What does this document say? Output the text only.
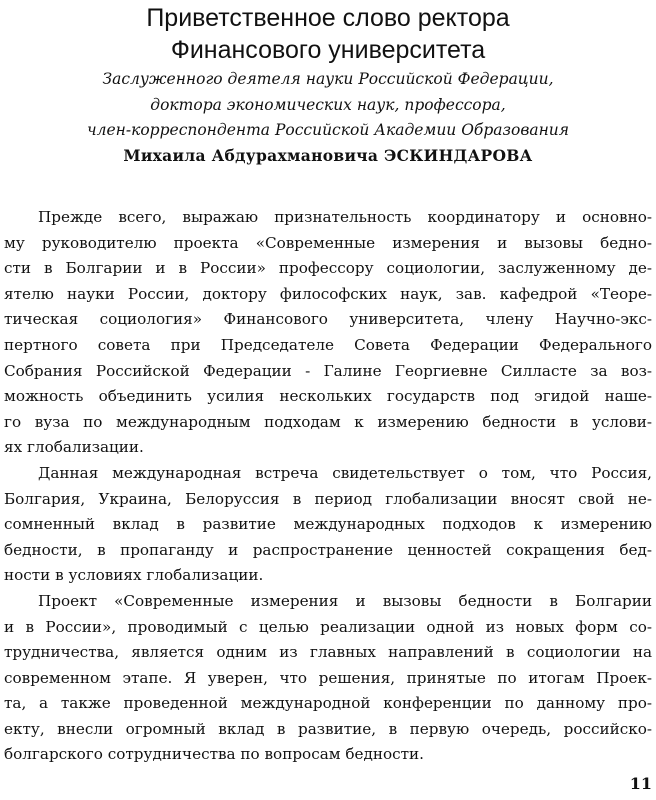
Приветственное слово ректора
Финансового университета
Заслуженного деятеля науки Российской Федерации,
доктора экономических наук, профессора,
член-корреспондента Российской Академии Образования
Михаила Абдурахмановича ЭСКИНДАРОВА
Прежде всего, выражаю признательность координатору и основно-
му руководителю проекта «Современные измерения и вызовы бедно-
сти в Болгарии и в России» профессору социологии, заслуженному де-
ятелю науки России, доктору философских наук, зав. кафедрой «Теоре-
тическая социология» Финансового университета, члену Научно-экс-
пертного совета при Председателе Совета Федерации Федерального
Собрания Российской Федерации - Галине Георгиевне Силласте за воз-
можность объединить усилия нескольких государств под эгидой наше-
го вуза по международным подходам к измерению бедности в услови-
ях глобализации.
Данная международная встреча свидетельствует о том, что Россия,
Болгария, Украина, Белоруссия в период глобализации вносят свой не-
сомненный вклад в развитие международных подходов к измерению
бедности, в пропаганду и распространение ценностей сокращения бед-
ности в условиях глобализации.
Проект «Современные измерения и вызовы бедности в Болгарии
и в России», проводимый с целью реализации одной из новых форм со-
трудничества, является одним из главных направлений в социологии на
современном этапе. Я уверен, что решения, принятые по итогам Проек-
та, а также проведенной международной конференции по данному про-
екту, внесли огромный вклад в развитие, в первую очередь, российско-
болгарского сотрудничества по вопросам бедности.
11
